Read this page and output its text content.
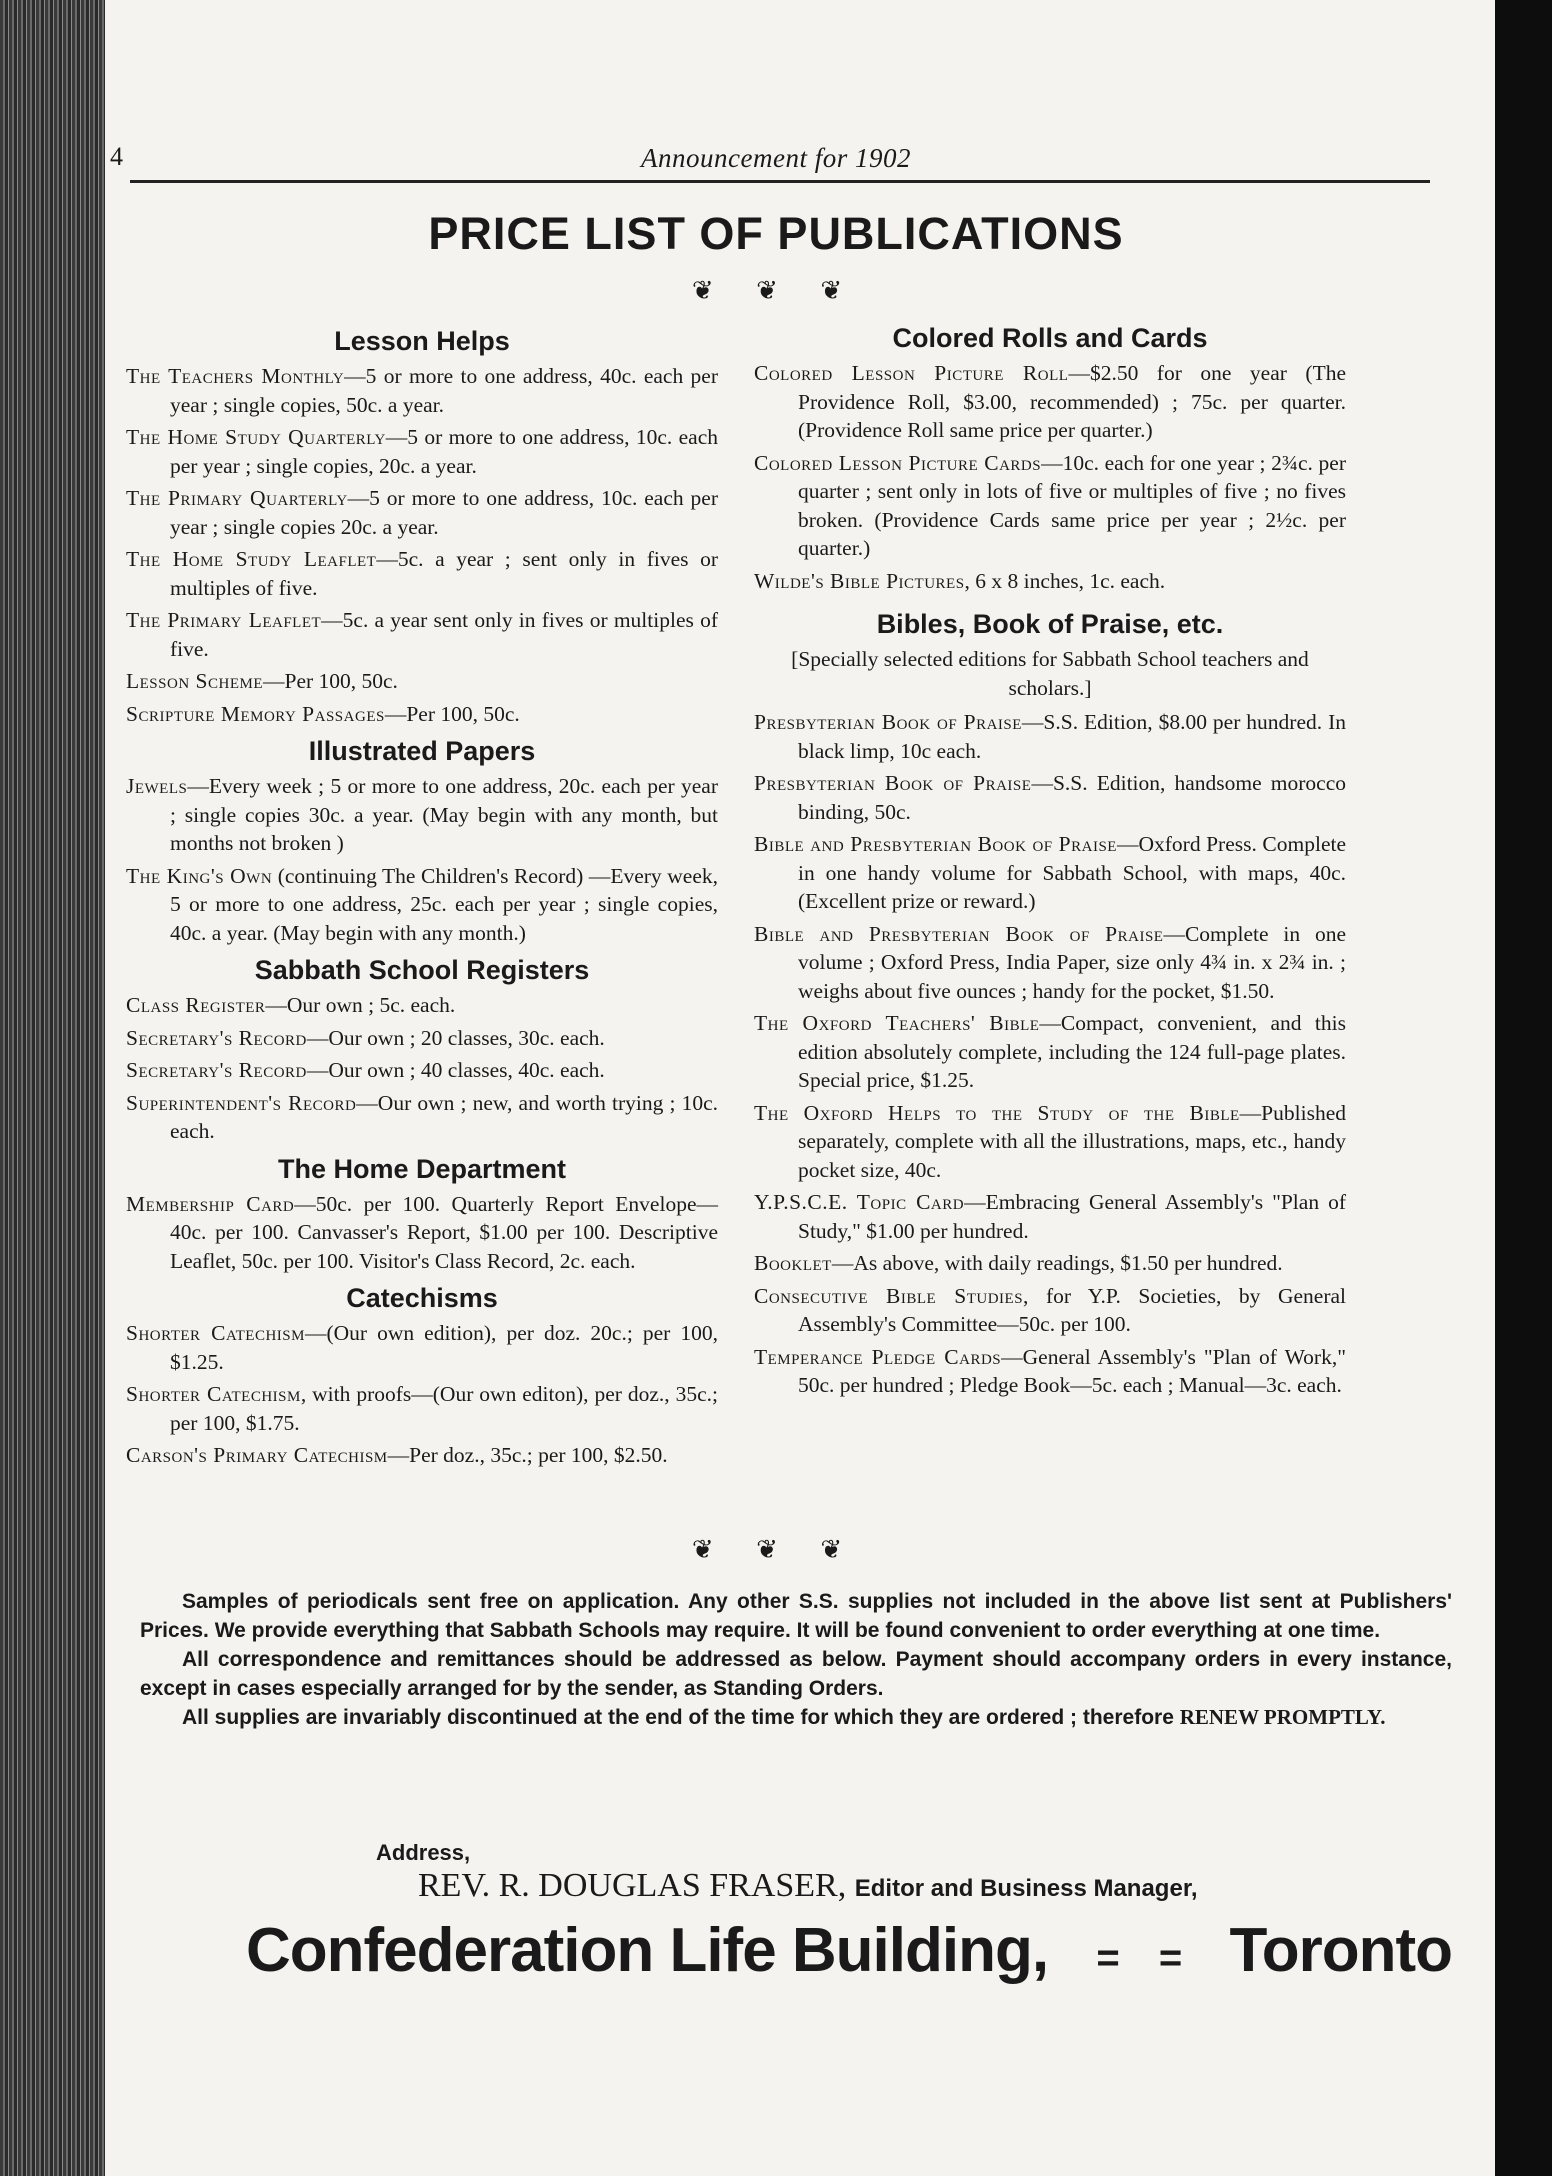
4	Announcement for 1902
PRICE LIST OF PUBLICATIONS
❦ ❦ ❦
Lesson Helps
The Teachers Monthly—5 or more to one address, 40c. each per year ; single copies, 50c. a year.
The Home Study Quarterly—5 or more to one address, 10c. each per year ; single copies, 20c. a year.
The Primary Quarterly—5 or more to one address, 10c. each per year ; single copies 20c. a year.
The Home Study Leaflet—5c. a year ; sent only in fives or multiples of five.
The Primary Leaflet—5c. a year sent only in fives or multiples of five.
Lesson Scheme—Per 100, 50c.
Scripture Memory Passages—Per 100, 50c.
Illustrated Papers
Jewels—Every week ; 5 or more to one address, 20c. each per year ; single copies 30c. a year. (May begin with any month, but months not broken )
The King's Own (continuing The Children's Record) —Every week, 5 or more to one address, 25c. each per year ; single copies, 40c. a year. (May begin with any month.)
Sabbath School Registers
Class Register—Our own ; 5c. each.
Secretary's Record—Our own ; 20 classes, 30c. each.
Secretary's Record—Our own ; 40 classes, 40c. each.
Superintendent's Record—Our own ; new, and worth trying ; 10c. each.
The Home Department
Membership Card—50c. per 100. Quarterly Report Envelope—40c. per 100. Canvasser's Report, $1.00 per 100. Descriptive Leaflet, 50c. per 100. Visitor's Class Record, 2c. each.
Catechisms
Shorter Catechism—(Our own edition), per doz. 20c.; per 100, $1.25.
Shorter Catechism, with proofs—(Our own editon), per doz., 35c.; per 100, $1.75.
Carson's Primary Catechism—Per doz., 35c.; per 100, $2.50.
Colored Rolls and Cards
Colored Lesson Picture Roll—$2.50 for one year (The Providence Roll, $3.00, recommended) ; 75c. per quarter. (Providence Roll same price per quarter.)
Colored Lesson Picture Cards—10c. each for one year ; 2¾c. per quarter ; sent only in lots of five or multiples of five ; no fives broken. (Providence Cards same price per year ; 2½c. per quarter.)
Wilde's Bible Pictures, 6 x 8 inches, 1c. each.
Bibles, Book of Praise, etc.
[Specially selected editions for Sabbath School teachers and scholars.]
Presbyterian Book of Praise—S.S. Edition, $8.00 per hundred. In black limp, 10c each.
Presbyterian Book of Praise—S.S. Edition, handsome morocco binding, 50c.
Bible and Presbyterian Book of Praise—Oxford Press. Complete in one handy volume for Sabbath School, with maps, 40c. (Excellent prize or reward.)
Bible and Presbyterian Book of Praise—Complete in one volume ; Oxford Press, India Paper, size only 4¾ in. x 2¾ in. ; weighs about five ounces ; handy for the pocket, $1.50.
The Oxford Teachers' Bible—Compact, convenient, and this edition absolutely complete, including the 124 full-page plates. Special price, $1.25.
The Oxford Helps to the Study of the Bible—Published separately, complete with all the illustrations, maps, etc., handy pocket size, 40c.
Y.P.S.C.E. Topic Card—Embracing General Assembly's "Plan of Study," $1.00 per hundred.
Booklet—As above, with daily readings, $1.50 per hundred.
Consecutive Bible Studies, for Y.P. Societies, by General Assembly's Committee—50c. per 100.
Temperance Pledge Cards—General Assembly's "Plan of Work," 50c. per hundred ; Pledge Book—5c. each ; Manual—3c. each.
❦ ❦ ❦

Samples of periodicals sent free on application. Any other S.S. supplies not included in the above list sent at Publishers' Prices. We provide everything that Sabbath Schools may require. It will be found convenient to order everything at one time.

All correspondence and remittances should be addressed as below. Payment should accompany orders in every instance, except in cases especially arranged for by the sender, as Standing Orders.

All supplies are invariably discontinued at the end of the time for which they are ordered ; therefore RENEW PROMPTLY.

Address,
REV. R. DOUGLAS FRASER, Editor and Business Manager,
Confederation Life Building, = = Toronto
